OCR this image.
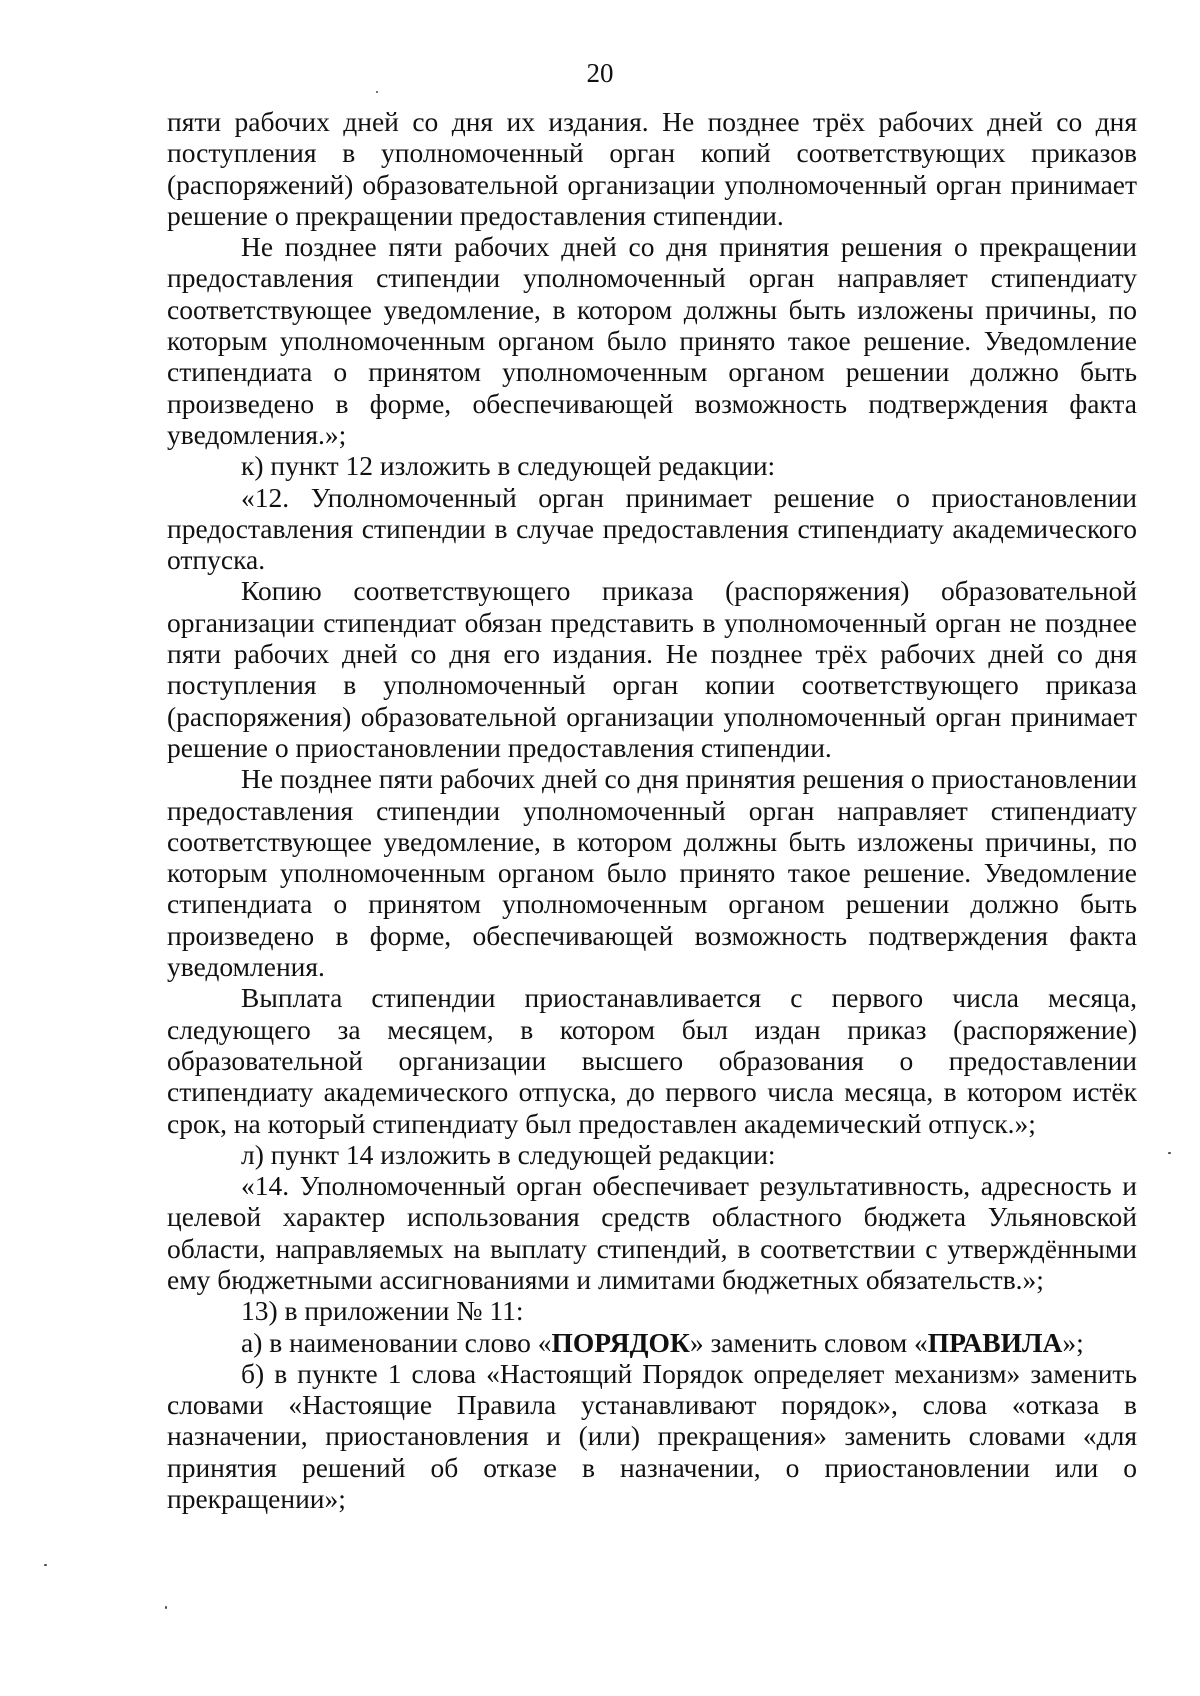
20

пяти рабочих дней со дня их издания. Не позднее трёх рабочих дней со дня поступления в уполномоченный орган копий соответствующих приказов (распоряжений) образовательной организации уполномоченный орган принимает решение о прекращении предоставления стипендии.

Не позднее пяти рабочих дней со дня принятия решения о прекращении предоставления стипендии уполномоченный орган направляет стипендиату соответствующее уведомление, в котором должны быть изложены причины, по которым уполномоченным органом было принято такое решение. Уведомление стипендиата о принятом уполномоченным органом решении должно быть произведено в форме, обеспечивающей возможность подтверждения факта уведомления.»;

к) пункт 12 изложить в следующей редакции:

«12. Уполномоченный орган принимает решение о приостановлении предоставления стипендии в случае предоставления стипендиату академического отпуска.

Копию соответствующего приказа (распоряжения) образовательной организации стипендиат обязан представить в уполномоченный орган не позднее пяти рабочих дней со дня его издания. Не позднее трёх рабочих дней со дня поступления в уполномоченный орган копии соответствующего приказа (распоряжения) образовательной организации уполномоченный орган принимает решение о приостановлении предоставления стипендии.

Не позднее пяти рабочих дней со дня принятия решения о приостановлении предоставления стипендии уполномоченный орган направляет стипендиату соответствующее уведомление, в котором должны быть изложены причины, по которым уполномоченным органом было принято такое решение. Уведомление стипендиата о принятом уполномоченным органом решении должно быть произведено в форме, обеспечивающей возможность подтверждения факта уведомления.

Выплата стипендии приостанавливается с первого числа месяца, следующего за месяцем, в котором был издан приказ (распоряжение) образовательной организации высшего образования о предоставлении стипендиату академического отпуска, до первого числа месяца, в котором истёк срок, на который стипендиату был предоставлен академический отпуск.»;

л) пункт 14 изложить в следующей редакции:

«14. Уполномоченный орган обеспечивает результативность, адресность и целевой характер использования средств областного бюджета Ульяновской области, направляемых на выплату стипендий, в соответствии с утверждёнными ему бюджетными ассигнованиями и лимитами бюджетных обязательств.»;

13) в приложении № 11:

а) в наименовании слово «ПОРЯДОК» заменить словом «ПРАВИЛА»;

б) в пункте 1 слова «Настоящий Порядок определяет механизм» заменить словами «Настоящие Правила устанавливают порядок», слова «отказа в назначении, приостановления и (или) прекращения» заменить словами «для принятия решений об отказе в назначении, о приостановлении или о прекращении»;
